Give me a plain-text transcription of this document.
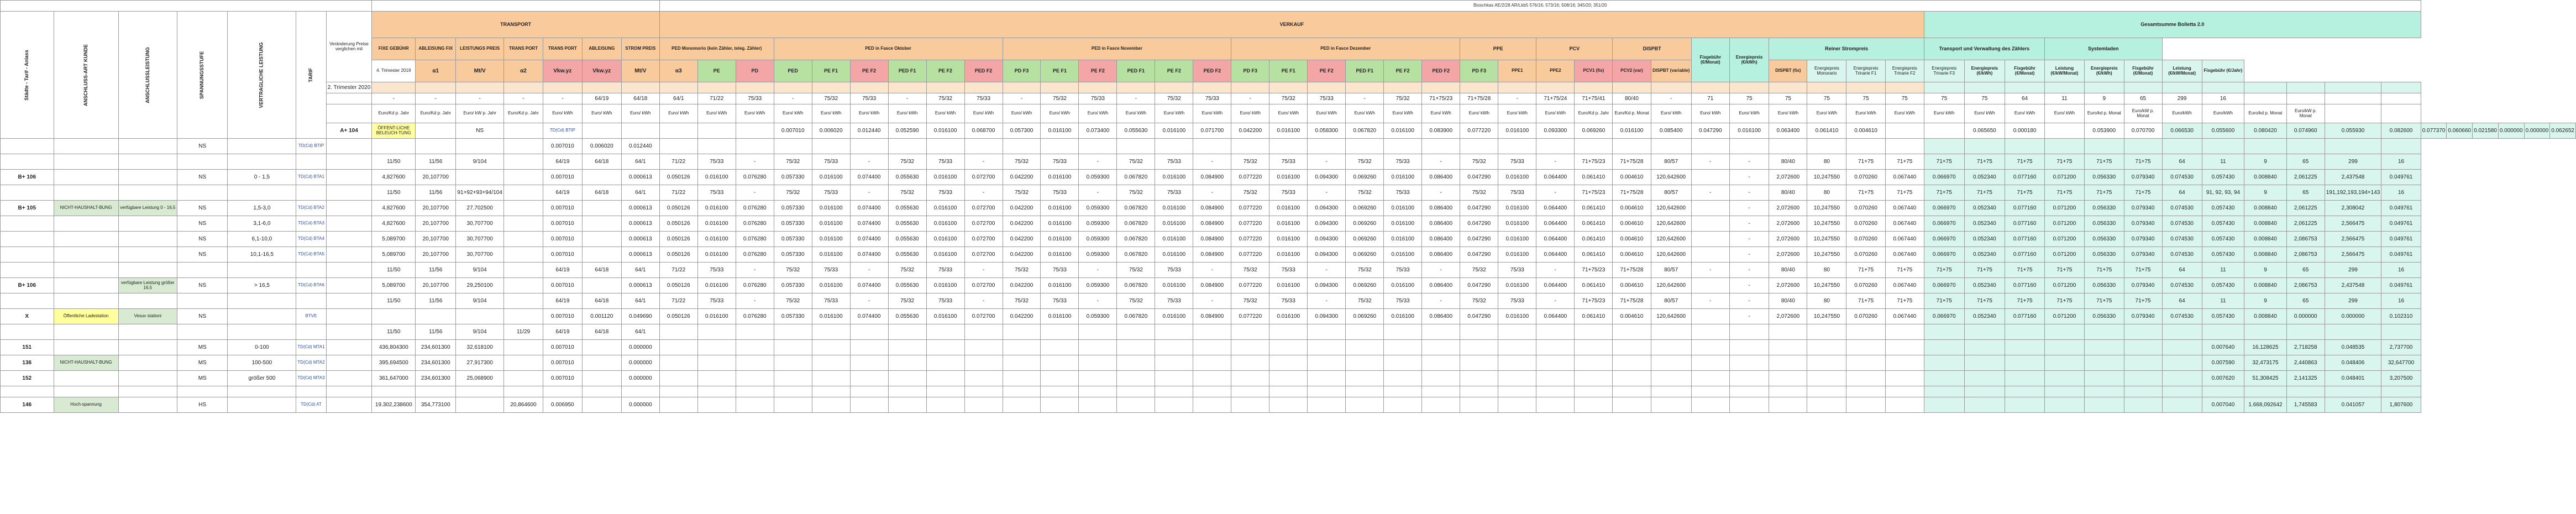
		Bioschkas AE/2/28 AR/Lkb5 576/16; 573/16; 508/16; 345/20; 351/20
Städte - Tarif - Anlass	ANSCHLUSS-ART KUNDE	ANSCHLUSSLEISTUNG	SPANNUNGSSTUFE	VERTRAGLICHE LEISTUNG	TARIF	Veränderung Preise verglichen mit	TRANSPORT	VERKAUF	Gesamtsumme Bolletta 2.0
FIXE GEBÜHR	ABLEISUNG FIX	LEISTUNGS PREIS	TRANS PORT	TRANS PORT	ABLEISUNG	STROM PREIS	PED Monomorio (kein Zähler, teleg. Zähler)	PED in Fasce Oktober	PED in Fasce November	PED in Fasce Dezember	PPE	PCV	DISPBT	Fixgebühr (€/Monat)	Energiepreis (€/kWh)	Reiner Strompreis	Transport und Verwaltung des Zählers	Systemladen
4. Trimester 2019	α1	Mt/V	α2	Vkw.yz	Vkw.yz	Mt/V	α3	PE	PD	PED	PE F1	PE F2	PED F1	PE F2	PED F2	PD F3	PE F1	PE F2	PED F1	PE F2	PED F2	PD F3	PE F1	PE F2	PED F1	PE F2	PED F2	PD F3	PPE1	PPE2	PCV1 (fix)	PCV2 (var)	DISPBT (variable)	DISPBT (fix)	Energiepreis Monorario	Energiepreis Trinarie F1	Energiepreis Trinarie F2	Energiepreis Trinarie F3	Energiepreis (€/kWh)	Fixgebühr (€/Monat)	Leistung (€/kW/Monat)	Energiepreis (€/kWh)	Fixgebühr (€/Monat)	Leistung (€/kW/Monat)	Fixgebühr (€/Jahr)
2. Trimester 2020																																																				
	-	-	-	-	-	64/19	64/18	64/1	71/22	75/33	-	75/32	75/33	-	75/32	75/33	-	75/32	75/33	-	75/32	75/33	-	75/32	75/33	-	75/32	71+75/23	71+75/28	-	71+75/24	71+75/41	80/40	-	71	75	75	75	75	75	75	75	64	11	9	65	299	16				
	Euro/Kd p. Jahr	Euro/Kd p. Jahr	Euro/ kW p. Jahr	Euro/Kd p. Jahr	Euro/ kWh	Euro/ kWh	Euro/ kWh	Euro/ kWh	Euro/ kWh	Euro/ kWh	Euro/ kWh	Euro/ kWh	Euro/ kWh	Euro/ kWh	Euro/ kWh	Euro/ kWh	Euro/ kWh	Euro/ kWh	Euro/ kWh	Euro/ kWh	Euro/ kWh	Euro/ kWh	Euro/ kWh	Euro/ kWh	Euro/ kWh	Euro/ kWh	Euro/ kWh	Euro/ kWh	Euro/ kWh	Euro/ kWh	Euro/ kWh	Euro/Kd p. Jahr	Euro/Kd p. Monat	Euro/ kWh	Euro/ kWh	Euro/ kWh	Euro/ kWh	Euro/ kWh	Euro/ kWh	Euro/ kWh	Euro/ kWh	Euro/ kWh	Euro/ kWh	Euro/ kWh	Euro/kd p. Monat	Euro/kW p. Monat	Euro/kWh	Euro/kWh	Euro/kd p. Monat	Euro/kW p. Monat		
A+ 104	ÖFFENT-LICHE BELEUCH-TUNG		NS		TD(Cd) BTIP						0.007010	0.006020	0.012440	0.052590	0.016100	0.068700	0.057300	0.016100	0.073400	0.055630	0.016100	0.071700	0.042200	0.016100	0.058300	0.067820	0.016100	0.083900	0.077220	0.016100	0.093300	0.069260	0.016100	0.085400	0.047290	0.016100	0.063400	0.061410	0.004610			0.065650	0.000180		0.053900	0.070700	0.066530	0.055600	0.080420	0.074960	0.055930	0.082600	0.077370	0.060660	0.021580	0.000000	0.000000	0.062652
			NS		TD(Cd) BTIP						0.007010	0.006020	0.012440																																													
							11/50	11/56	9/104		64/19	64/18	64/1	71/22	75/33	-	75/32	75/33	-	75/32	75/33	-	75/32	75/33	-	75/32	75/33	-	75/32	75/33	-	75/32	75/33	-	75/32	75/33	-	71+75/23	71+75/28	80/57	-	-	80/40	80	71+75	71+75	71+75	71+75	71+75	71+75	71+75	71+75	64	11	9	65	299	16
B+ 106			NS	0 - 1,5	TD(Cd) BTA1		4,827600	20,107700			0.007010		0.000613	0.050126	0.016100	0.076280	0.057330	0.016100	0.074400	0.055630	0.016100	0.072700	0.042200	0.016100	0.059300	0.067820	0.016100	0.084900	0.077220	0.016100	0.094300	0.069260	0.016100	0.086400	0.047290	0.016100	0.064400	0.061410	0.004610	120,642600		-	2,072600	10,247550	0.070260	0.067440	0.066970	0.052340	0.077160	0.071200	0.056330	0.079340	0.074530	0.057430	0.008840	2,061225	2,437548	0.049761
							11/50	11/56	91+92+93+94/104		64/19	64/18	64/1	71/22	75/33	-	75/32	75/33	-	75/32	75/33	-	75/32	75/33	-	75/32	75/33	-	75/32	75/33	-	75/32	75/33	-	75/32	75/33	-	71+75/23	71+75/28	80/57	-	-	80/40	80	71+75	71+75	71+75	71+75	71+75	71+75	71+75	71+75	64	91, 92, 93, 94	9	65	191,192,193,194+143	16
B+ 105	NICHT-HAUSHALT-BUNG	verfügbare Leistung 0 - 16,5	NS	1,5-3,0	TD(Cd) BTA2		4,827600	20,107700	27,702500		0.007010		0.000613	0.050126	0.016100	0.076280	0.057330	0.016100	0.074400	0.055630	0.016100	0.072700	0.042200	0.016100	0.059300	0.067820	0.016100	0.084900	0.077220	0.016100	0.094300	0.069260	0.016100	0.086400	0.047290	0.016100	0.064400	0.061410	0.004610	120,642600		-	2,072600	10,247550	0.070260	0.067440	0.066970	0.052340	0.077160	0.071200	0.056330	0.079340	0.074530	0.057430	0.008840	2,061225	2,308042	0.049761
			NS	3,1-6,0	TD(Cd) BTA3		4,827600	20,107700	30,707700		0.007010		0.000613	0.050126	0.016100	0.076280	0.057330	0.016100	0.074400	0.055630	0.016100	0.072700	0.042200	0.016100	0.059300	0.067820	0.016100	0.084900	0.077220	0.016100	0.094300	0.069260	0.016100	0.086400	0.047290	0.016100	0.064400	0.061410	0.004610	120,642600		-	2,072600	10,247550	0.070260	0.067440	0.066970	0.052340	0.077160	0.071200	0.056330	0.079340	0.074530	0.057430	0.008840	2,061225	2,566475	0.049761
			NS	6,1-10,0	TD(Cd) BTA4		5,089700	20,107700	30,707700		0.007010		0.000613	0.050126	0.016100	0.076280	0.057330	0.016100	0.074400	0.055630	0.016100	0.072700	0.042200	0.016100	0.059300	0.067820	0.016100	0.084900	0.077220	0.016100	0.094300	0.069260	0.016100	0.086400	0.047290	0.016100	0.064400	0.061410	0.004610	120,642600		-	2,072600	10,247550	0.070260	0.067440	0.066970	0.052340	0.077160	0.071200	0.056330	0.079340	0.074530	0.057430	0.008840	2,086753	2,566475	0.049761
			NS	10,1-16,5	TD(Cd) BTA5		5,089700	20,107700	30,707700		0.007010		0.000613	0.050126	0.016100	0.076280	0.057330	0.016100	0.074400	0.055630	0.016100	0.072700	0.042200	0.016100	0.059300	0.067820	0.016100	0.084900	0.077220	0.016100	0.094300	0.069260	0.016100	0.086400	0.047290	0.016100	0.064400	0.061410	0.004610	120,642600		-	2,072600	10,247550	0.070260	0.067440	0.066970	0.052340	0.077160	0.071200	0.056330	0.079340	0.074530	0.057430	0.008840	2,086753	2,566475	0.049761
							11/50	11/56	9/104		64/19	64/18	64/1	71/22	75/33	-	75/32	75/33	-	75/32	75/33	-	75/32	75/33	-	75/32	75/33	-	75/32	75/33	-	75/32	75/33	-	75/32	75/33	-	71+75/23	71+75/28	80/57	-	-	80/40	80	71+75	71+75	71+75	71+75	71+75	71+75	71+75	71+75	64	11	9	65	299	16
B+ 106		verfügbare Leistung größer 16,5	NS	> 16,5	TD(Cd) BTA6		5,089700	20,107700	29,250100		0.007010		0.000613	0.050126	0.016100	0.076280	0.057330	0.016100	0.074400	0.055630	0.016100	0.072700	0.042200	0.016100	0.059300	0.067820	0.016100	0.084900	0.077220	0.016100	0.094300	0.069260	0.016100	0.086400	0.047290	0.016100	0.064400	0.061410	0.004610	120,642600		-	2,072600	10,247550	0.070260	0.067440	0.066970	0.052340	0.077160	0.071200	0.056330	0.079340	0.074530	0.057430	0.008840	2,086753	2,437548	0.049761
							11/50	11/56	9/104		64/19	64/18	64/1	71/22	75/33	-	75/32	75/33	-	75/32	75/33	-	75/32	75/33	-	75/32	75/33	-	75/32	75/33	-	75/32	75/33	-	75/32	75/33	-	71+75/23	71+75/28	80/57	-	-	80/40	80	71+75	71+75	71+75	71+75	71+75	71+75	71+75	71+75	64	11	9	65	299	16
X	Öffentliche Ladestation	Vesuv stationi	NS		BTVE						0.007010	0.001120	0.049690	0.050126	0.016100	0.076280	0.057330	0.016100	0.074400	0.055630	0.016100	0.072700	0.042200	0.016100	0.059300	0.067820	0.016100	0.084900	0.077220	0.016100	0.094300	0.069260	0.016100	0.086400	0.047290	0.016100	0.064400	0.061410	0.004610	120,642600		-	2,072600	10,247550	0.070260	0.067440	0.066970	0.052340	0.077160	0.071200	0.056330	0.079340	0.074530	0.057430	0.008840	0.000000	0.000000	0.102310
							11/50	11/56	9/104	11/29	64/19	64/18	64/1																																													
151			MS	0-100	TD(Cd) MTA1		436,804300	234,601300	32,618100		0.007010		0.000000																																									0.007640	16,128625	2,718258	0.048535	2,737700
136	NICHT-HAUSHALT-BUNG		MS	100-500	TD(Cd) MTA2		395,694500	234,601300	27,917300		0.007010		0.000000																																									0.007590	32,473175	2,440863	0.048406	32,647700
152			MS	größer 500	TD(Cd) MTA3		361,647000	234,601300	25,068900		0.007010		0.000000																																									0.007620	51,308425	2,141325	0.048401	3,207500

146	Hoch-spannung		HS		TD(Cd) AT		19.302,238600	354,773100		20,864600	0.006950		0.000000																																									0.007040	1.668,092642	1,745583	0.041057	1,807600
